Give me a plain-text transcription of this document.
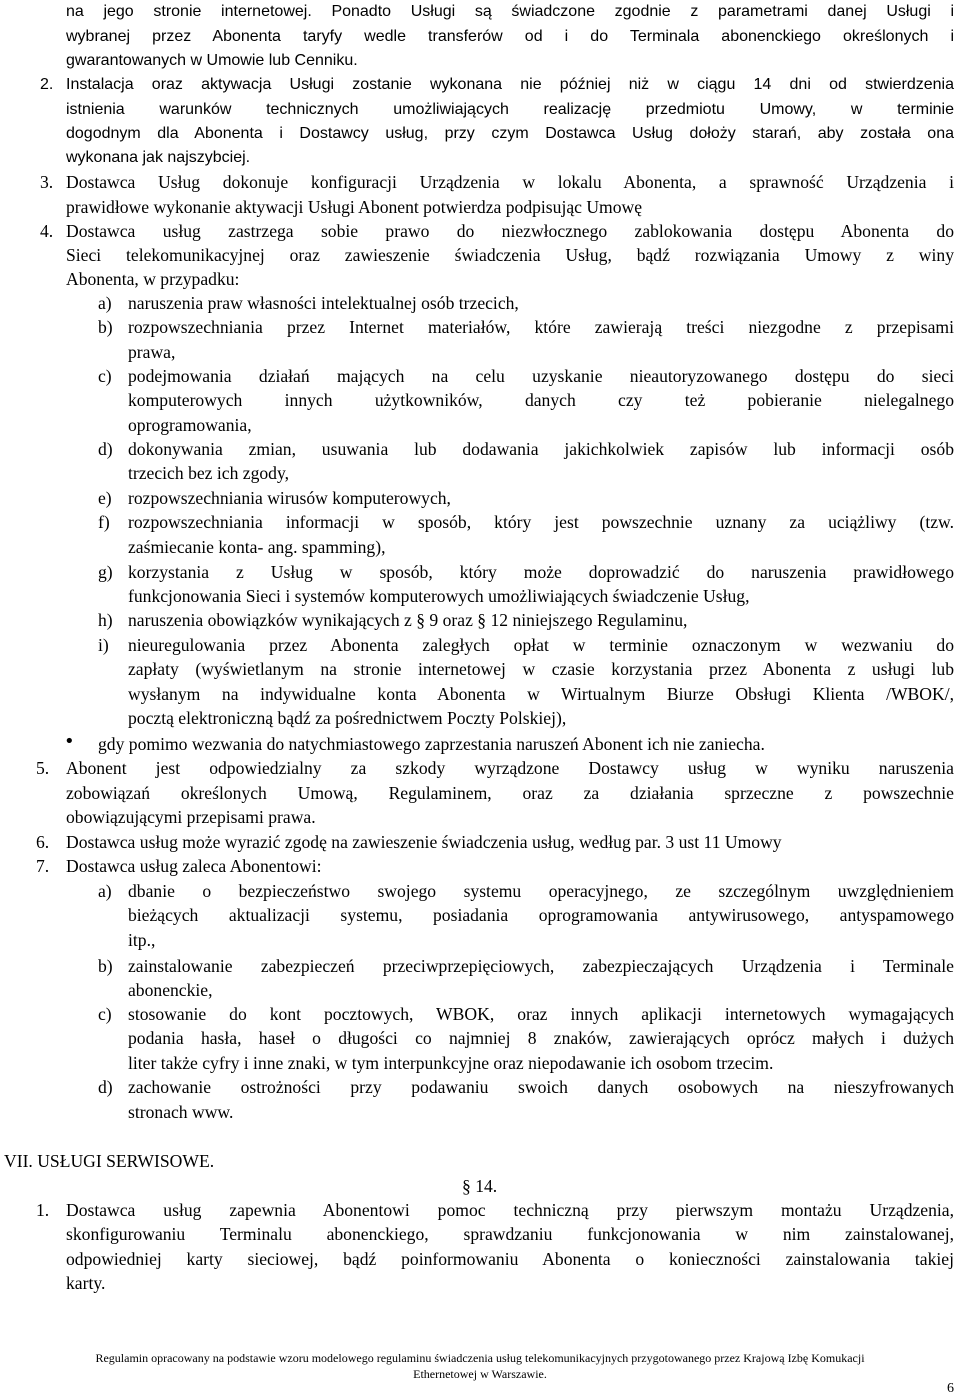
na jego stronie internetowej. Ponadto Usługi są świadczone zgodnie z parametrami danej Usługi i
wybranej przez Abonenta taryfy wedle transferów od i do Terminala abonenckiego określonych i
gwarantowanych w Umowie lub Cenniku.
2. Instalacja oraz aktywacja Usługi zostanie wykonana nie później niż w ciągu 14 dni od stwierdzenia
istnienia warunków technicznych umożliwiających realizację przedmiotu Umowy, w terminie
dogodnym dla Abonenta i Dostawcy usług, przy czym Dostawca Usług dołoży starań, aby została ona
wykonana jak najszybciej.
3. Dostawca Usług dokonuje konfiguracji Urządzenia w lokalu Abonenta, a sprawność Urządzenia i
prawidłowe wykonanie aktywacji Usługi Abonent potwierdza podpisując Umowę
4. Dostawca usług zastrzega sobie prawo do niezwłocznego zablokowania dostępu Abonenta do
Sieci telekomunikacyjnej oraz zawieszenie świadczenia Usług, bądź rozwiązania Umowy z winy
Abonenta, w przypadku:
a) naruszenia praw własności intelektualnej osób trzecich,
b) rozpowszechniania przez Internet materiałów, które zawierają treści niezgodne z przepisami
prawa,
c) podejmowania działań mających na celu uzyskanie nieautoryzowanego dostępu do sieci
komputerowych innych użytkowników, danych czy też pobieranie nielegalnego
oprogramowania,
d) dokonywania zmian, usuwania lub dodawania jakichkolwiek zapisów lub informacji osób
trzecich bez ich zgody,
e) rozpowszechniania wirusów komputerowych,
f) rozpowszechniania informacji w sposób, który jest powszechnie uznany za uciążliwy (tzw.
zaśmiecanie konta- ang. spamming),
g) korzystania z Usług w sposób, który może doprowadzić do naruszenia prawidłowego
funkcjonowania Sieci i systemów komputerowych umożliwiających świadczenie Usług,
h) naruszenia obowiązków wynikających z § 9 oraz § 12 niniejszego Regulaminu,
i) nieuregulowania przez Abonenta zaległych opłat w terminie oznaczonym w wezwaniu do
zapłaty (wyświetlanym na stronie internetowej w czasie korzystania przez Abonenta z usługi lub
wysłanym na indywidualne konta Abonenta w Wirtualnym Biurze Obsługi Klienta /WBOK/,
pocztą elektroniczną bądź za pośrednictwem Poczty Polskiej),
• gdy pomimo wezwania do natychmiastowego zaprzestania naruszeń Abonent ich nie zaniecha.
5. Abonent jest odpowiedzialny za szkody wyrządzone Dostawcy usług w wyniku naruszenia
zobowiązań określonych Umową, Regulaminem, oraz za działania sprzeczne z powszechnie
obowiązującymi przepisami prawa.
6. Dostawca usług może wyrazić zgodę na zawieszenie świadczenia usług, według par. 3 ust 11 Umowy
7. Dostawca usług zaleca Abonentowi:
a) dbanie o bezpieczeństwo swojego systemu operacyjnego, ze szczególnym uwzględnieniem
bieżących aktualizacji systemu, posiadania oprogramowania antywirusowego, antyspamowego
itp.,
b) zainstalowanie zabezpieczeń przeciwprzepięciowych, zabezpieczających Urządzenia i Terminale
abonenckie,
c) stosowanie do kont pocztowych, WBOK, oraz innych aplikacji internetowych wymagających
podania hasła, haseł o długości co najmniej 8 znaków, zawierających oprócz małych i dużych
liter także cyfry i inne znaki, w tym interpunkcyjne oraz niepodawanie ich osobom trzecim.
d) zachowanie ostrożności przy podawaniu swoich danych osobowych na nieszyfrowanych
stronach www.
VII. USŁUGI SERWISOWE.
§ 14.
1. Dostawca usług zapewnia Abonentowi pomoc techniczną przy pierwszym montażu Urządzenia,
skonfigurowaniu Terminalu abonenckiego, sprawdzaniu funkcjonowania w nim zainstalowanej,
odpowiedniej karty sieciowej, bądź poinformowaniu Abonenta o konieczności zainstalowania takiej
karty.
Regulamin opracowany na podstawie wzoru modelowego regulaminu świadczenia usług telekomunikacyjnych przygotowanego przez Krajową Izbę Komukacji
Ethernetowej w Warszawie.
6
